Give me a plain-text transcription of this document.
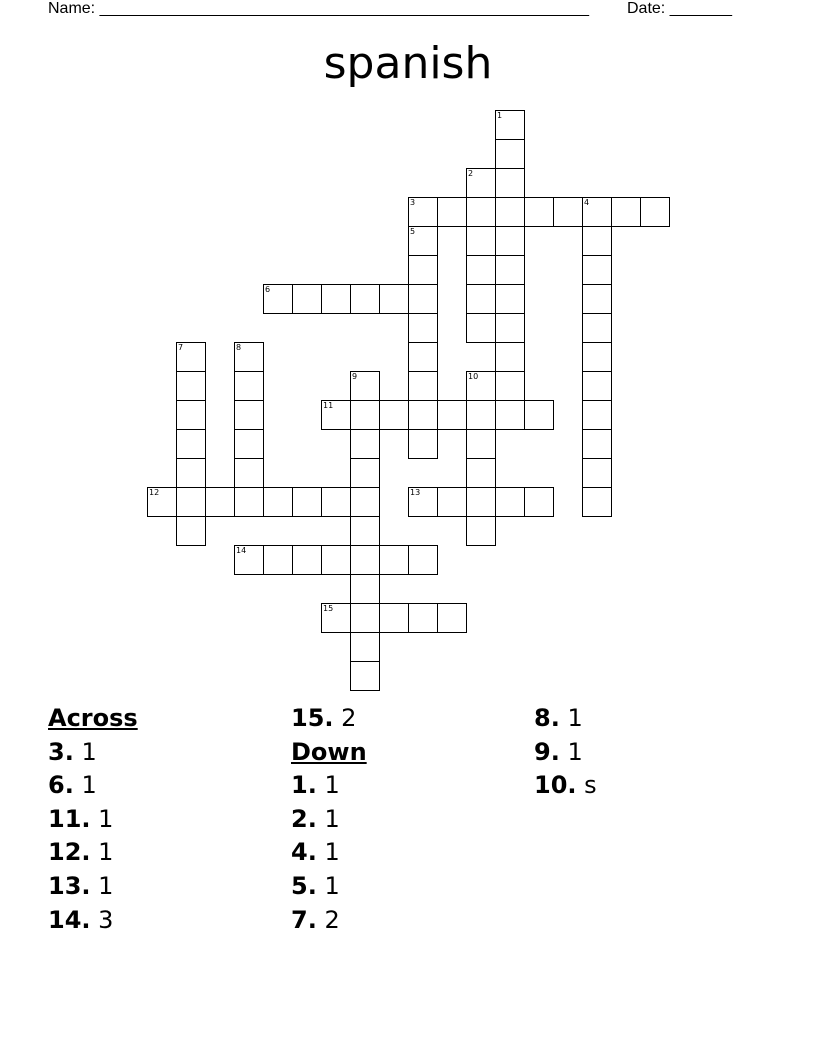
Name: _______________________________________________________ Date: _______
spanish
3	4
6
11
12	13
14
15
1
2
5
7	8
9	10
Across
3. 1
6. 1
11. 1
12. 1
13. 1
14. 3
15. 2
Down
1. 1
2. 1
4. 1
5. 1
7. 2
8. 1
9. 1
10. s
